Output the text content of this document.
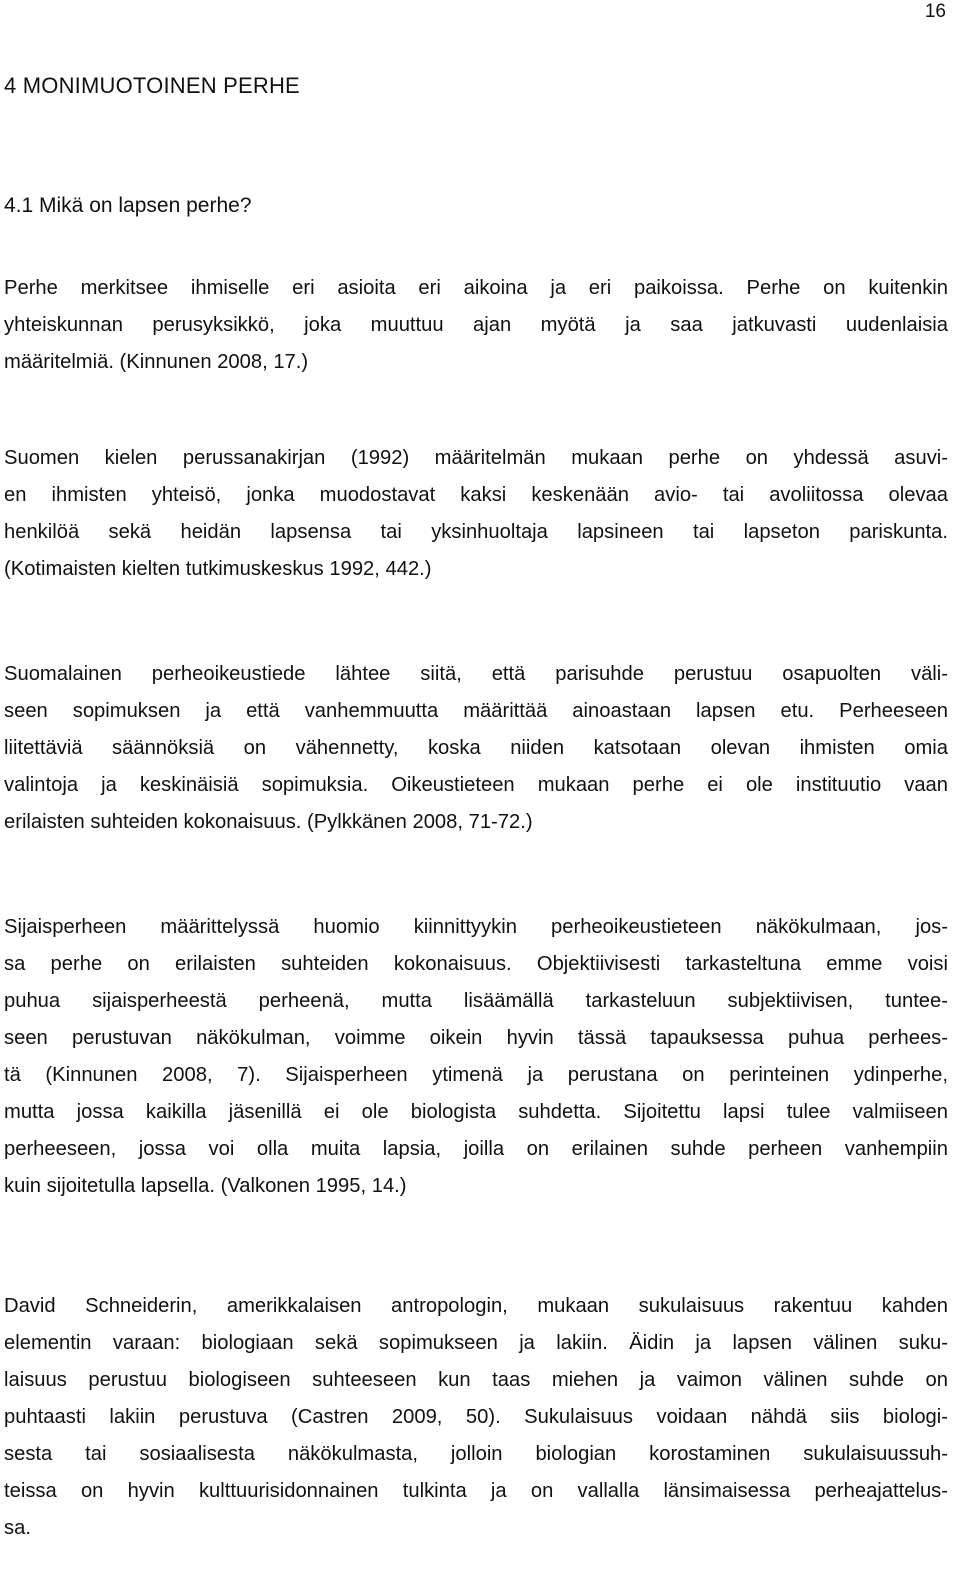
16
4 MONIMUOTOINEN PERHE
4.1 Mikä on lapsen perhe?

Perhe merkitsee ihmiselle eri asioita eri aikoina ja eri paikoissa. Perhe on kuitenkin
yhteiskunnan perusyksikkö, joka muuttuu ajan myötä ja saa jatkuvasti uudenlaisia
määritelmiä. (Kinnunen 2008, 17.)

Suomen kielen perussanakirjan (1992) määritelmän mukaan perhe on yhdessä asuvi-
en ihmisten yhteisö, jonka muodostavat kaksi keskenään avio- tai avoliitossa olevaa
henkilöä sekä heidän lapsensa tai yksinhuoltaja lapsineen tai lapseton pariskunta.
(Kotimaisten kielten tutkimuskeskus 1992, 442.)

Suomalainen perheoikeustiede lähtee siitä, että parisuhde perustuu osapuolten väli-
seen sopimuksen ja että vanhemmuutta määrittää ainoastaan lapsen etu. Perheeseen
liitettäviä säännöksiä on vähennetty, koska niiden katsotaan olevan ihmisten omia
valintoja ja keskinäisiä sopimuksia. Oikeustieteen mukaan perhe ei ole instituutio vaan
erilaisten suhteiden kokonaisuus. (Pylkkänen 2008, 71-72.)

Sijaisperheen määrittelyssä huomio kiinnittyykin perheoikeustieteen näkökulmaan, jos-
sa perhe on erilaisten suhteiden kokonaisuus. Objektiivisesti tarkasteltuna emme voisi
puhua sijaisperheestä perheenä, mutta lisäämällä tarkasteluun subjektiivisen, tuntee-
seen perustuvan näkökulman, voimme oikein hyvin tässä tapauksessa puhua perhees-
tä (Kinnunen 2008, 7). Sijaisperheen ytimenä ja perustana on perinteinen ydinperhe,
mutta jossa kaikilla jäsenillä ei ole biologista suhdetta. Sijoitettu lapsi tulee valmiiseen
perheeseen, jossa voi olla muita lapsia, joilla on erilainen suhde perheen vanhempiin
kuin sijoitetulla lapsella. (Valkonen 1995, 14.)

David Schneiderin, amerikkalaisen antropologin, mukaan sukulaisuus rakentuu kahden
elementin varaan: biologiaan sekä sopimukseen ja lakiin. Äidin ja lapsen välinen suku-
laisuus perustuu biologiseen suhteeseen kun taas miehen ja vaimon välinen suhde on
puhtaasti lakiin perustuva (Castren 2009, 50). Sukulaisuus voidaan nähdä siis biologi-
sesta tai sosiaalisesta näkökulmasta, jolloin biologian korostaminen sukulaisuussuh-
teissa on hyvin kulttuurisidonnainen tulkinta ja on vallalla länsimaisessa perheajattelus-
sa.
